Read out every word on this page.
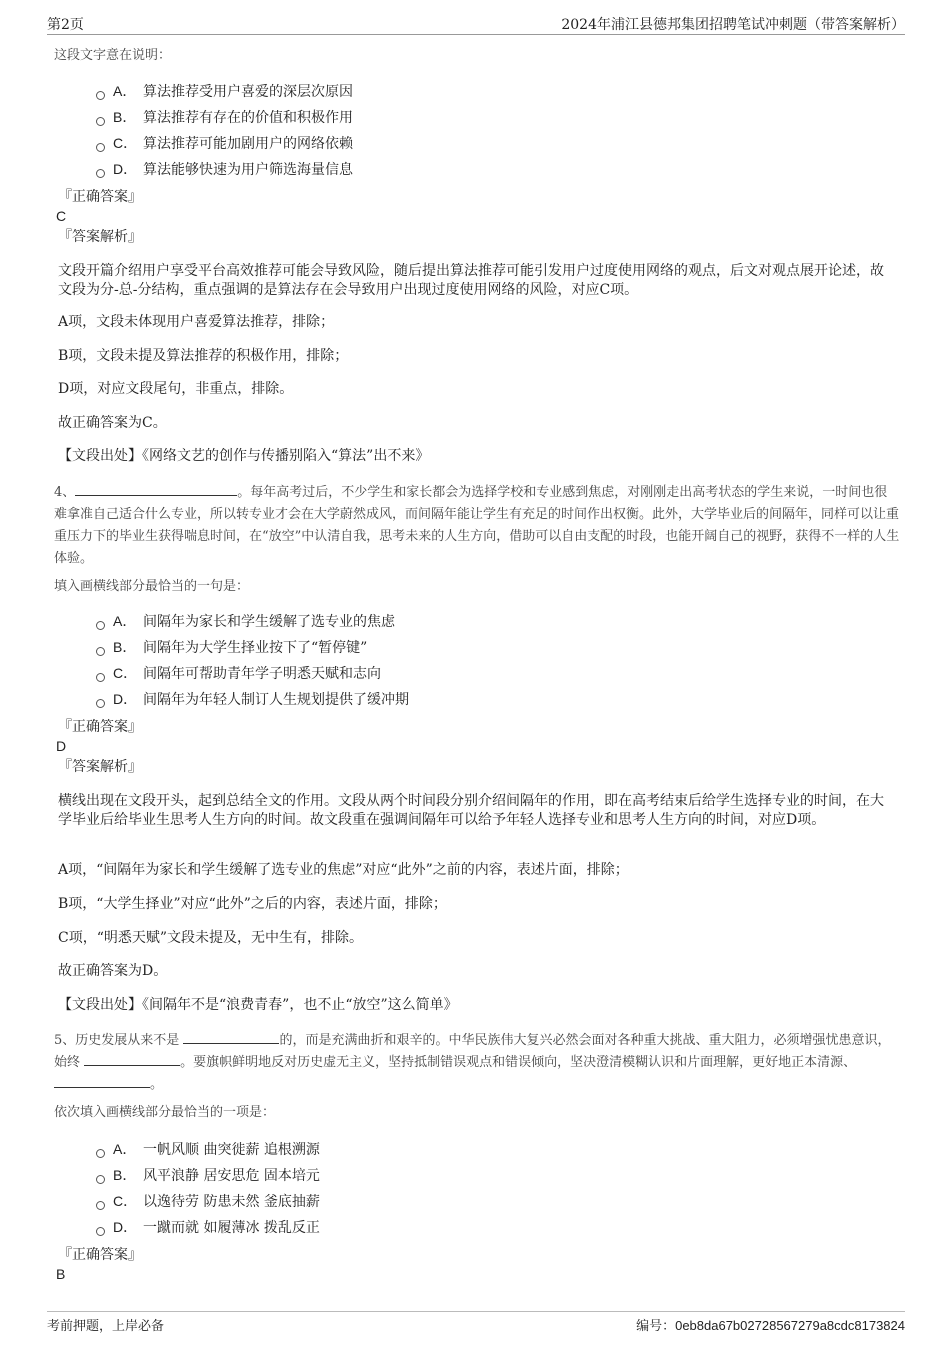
第2页	2024年浦江县德邦集团招聘笔试冲刺题（带答案解析）
这段文字意在说明：
A． 算法推荐受用户喜爱的深层次原因
B． 算法推荐有存在的价值和积极作用
C． 算法推荐可能加剧用户的网络依赖
D． 算法能够快速为用户筛选海量信息
『正确答案』
C
『答案解析』
文段开篇介绍用户享受平台高效推荐可能会导致风险，随后提出算法推荐可能引发用户过度使用网络的观点，后文对观点展开论述，故文段为分-总-分结构，重点强调的是算法存在会导致用户出现过度使用网络的风险，对应C项。
A项，文段未体现用户喜爱算法推荐，排除；
B项，文段未提及算法推荐的积极作用，排除；
D项，对应文段尾句，非重点，排除。
故正确答案为C。
【文段出处】《网络文艺的创作与传播别陷入“算法”出不来》
4、	。每年高考过后，不少学生和家长都会为选择学校和专业感到焦虑，对刚刚走出高考状态的学生来说，一时间也很难拿准自己适合什么专业，所以转专业才会在大学蔚然成风，而间隔年能让学生有充足的时间作出权衡。此外，大学毕业后的间隔年，同样可以让重重压力下的毕业生获得喘息时间，在“放空”中认清自我，思考未来的人生方向，借助可以自由支配的时段，也能开阔自己的视野，获得不一样的人生体验。
填入画横线部分最恰当的一句是：
A． 间隔年为家长和学生缓解了选专业的焦虑
B． 间隔年为大学生择业按下了“暂停键”
C． 间隔年可帮助青年学子明悉天赋和志向
D． 间隔年为年轻人制订人生规划提供了缓冲期
『正确答案』
D
『答案解析』
横线出现在文段开头，起到总结全文的作用。文段从两个时间段分别介绍间隔年的作用，即在高考结束后给学生选择专业的时间，在大学毕业后给毕业生思考人生方向的时间。故文段重在强调间隔年可以给予年轻人选择专业和思考人生方向的时间，对应D项。
A项，“间隔年为家长和学生缓解了选专业的焦虑”对应“此外”之前的内容，表述片面，排除；
B项，“大学生择业”对应“此外”之后的内容，表述片面，排除；
C项，“明悉天赋”文段未提及，无中生有，排除。
故正确答案为D。
【文段出处】《间隔年不是“浪费青春”，也不止“放空”这么简单》
5、历史发展从来不是	的，而是充满曲折和艰辛的。中华民族伟大复兴必然会面对各种重大挑战、重大阻力，必须增强忧患意识，始终	。要旗帜鲜明地反对历史虚无主义，坚持抵制错误观点和错误倾向，坚决澄清模糊认识和片面理解，更好地正本清源、 。
依次填入画横线部分最恰当的一项是：
A． 一帆风顺 曲突徙薪 追根溯源
B． 风平浪静 居安思危 固本培元
C． 以逸待劳 防患未然 釜底抽薪
D． 一蹴而就 如履薄冰 拨乱反正
『正确答案』
B
考前押题，上岸必备	编号：0eb8da67b02728567279a8cdc8173824
